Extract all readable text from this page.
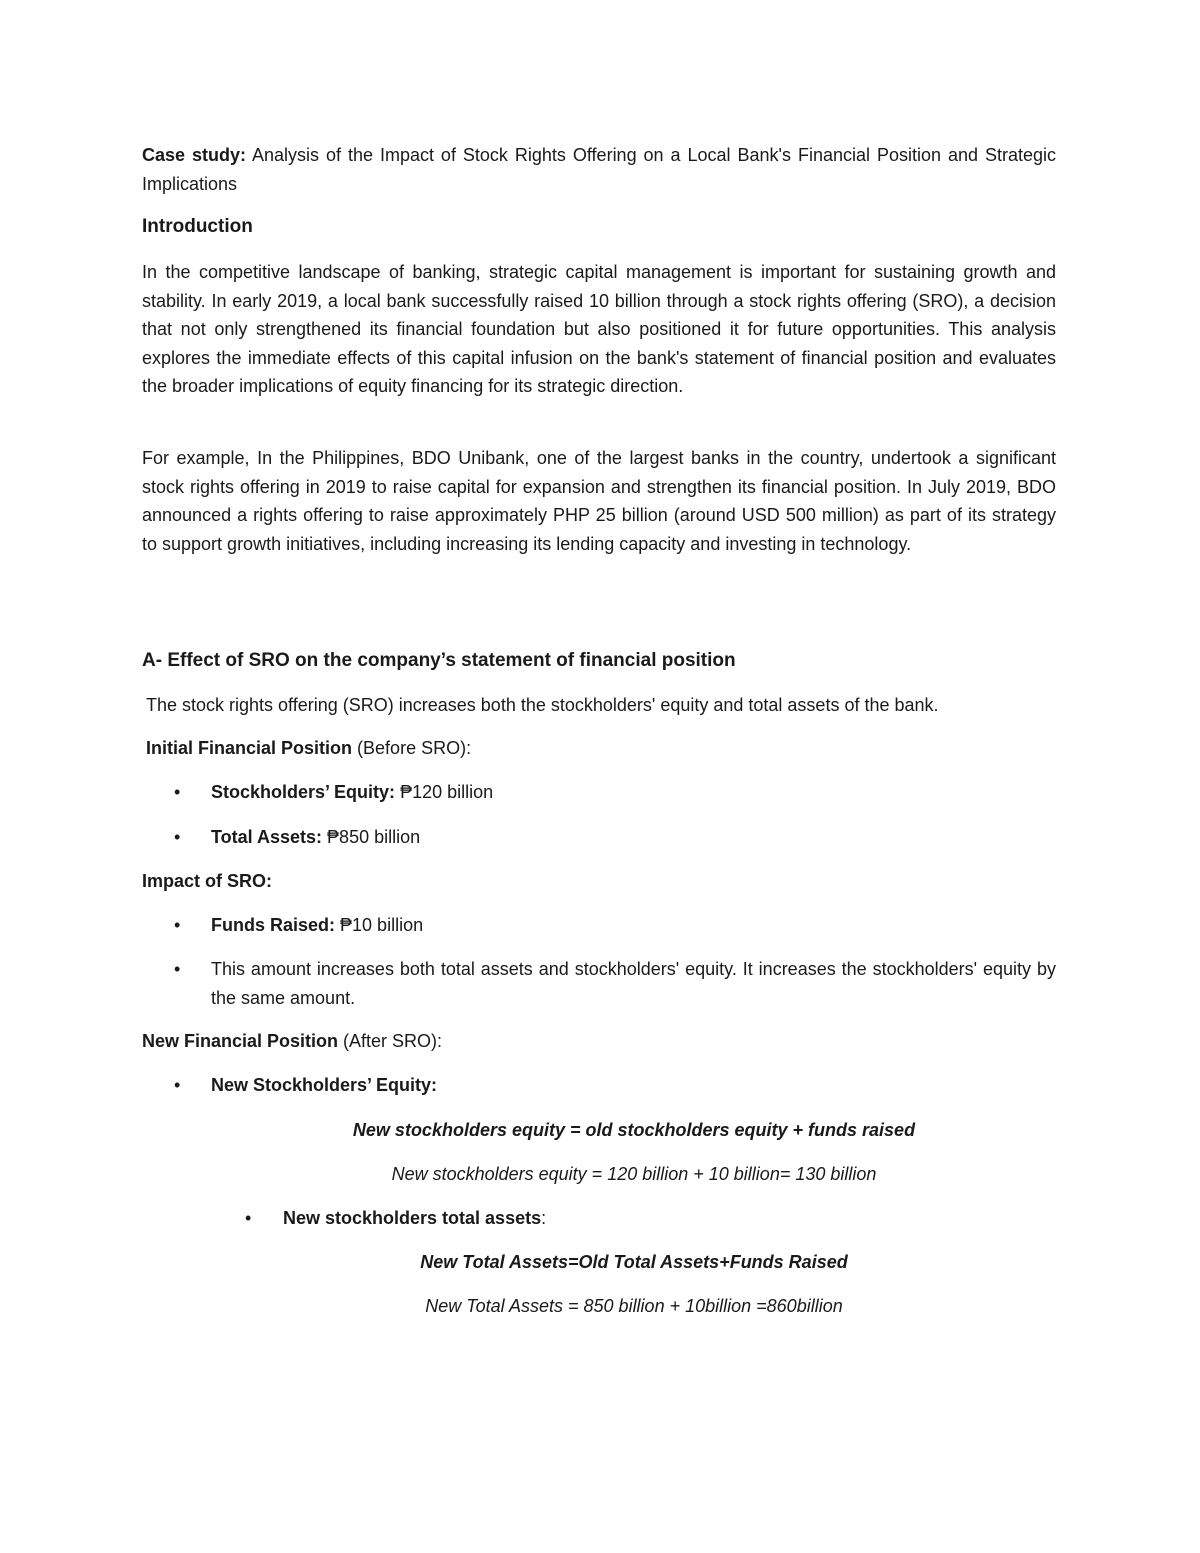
Case study: Analysis of the Impact of Stock Rights Offering on a Local Bank's Financial Position and Strategic Implications

Introduction

In the competitive landscape of banking, strategic capital management is important for sustaining growth and stability. In early 2019, a local bank successfully raised 10 billion through a stock rights offering (SRO), a decision that not only strengthened its financial foundation but also positioned it for future opportunities. This analysis explores the immediate effects of this capital infusion on the bank's statement of financial position and evaluates the broader implications of equity financing for its strategic direction.

For example, In the Philippines, BDO Unibank, one of the largest banks in the country, undertook a significant stock rights offering in 2019 to raise capital for expansion and strengthen its financial position. In July 2019, BDO announced a rights offering to raise approximately PHP 25 billion (around USD 500 million) as part of its strategy to support growth initiatives, including increasing its lending capacity and investing in technology.

A- Effect of SRO on the company’s statement of financial position

The stock rights offering (SRO) increases both the stockholders' equity and total assets of the bank.

Initial Financial Position (Before SRO):

• Stockholders’ Equity: ₱120 billion
• Total Assets: ₱850 billion

Impact of SRO:

• Funds Raised: ₱10 billion
• This amount increases both total assets and stockholders' equity. It increases the stockholders' equity by the same amount.

New Financial Position (After SRO):

• New Stockholders’ Equity:
New stockholders equity = old stockholders equity + funds raised
New stockholders equity = 120 billion + 10 billion= 130 billion
• New stockholders total assets:
New Total Assets=Old Total Assets+Funds Raised
New Total Assets = 850 billion + 10billion =860billion
